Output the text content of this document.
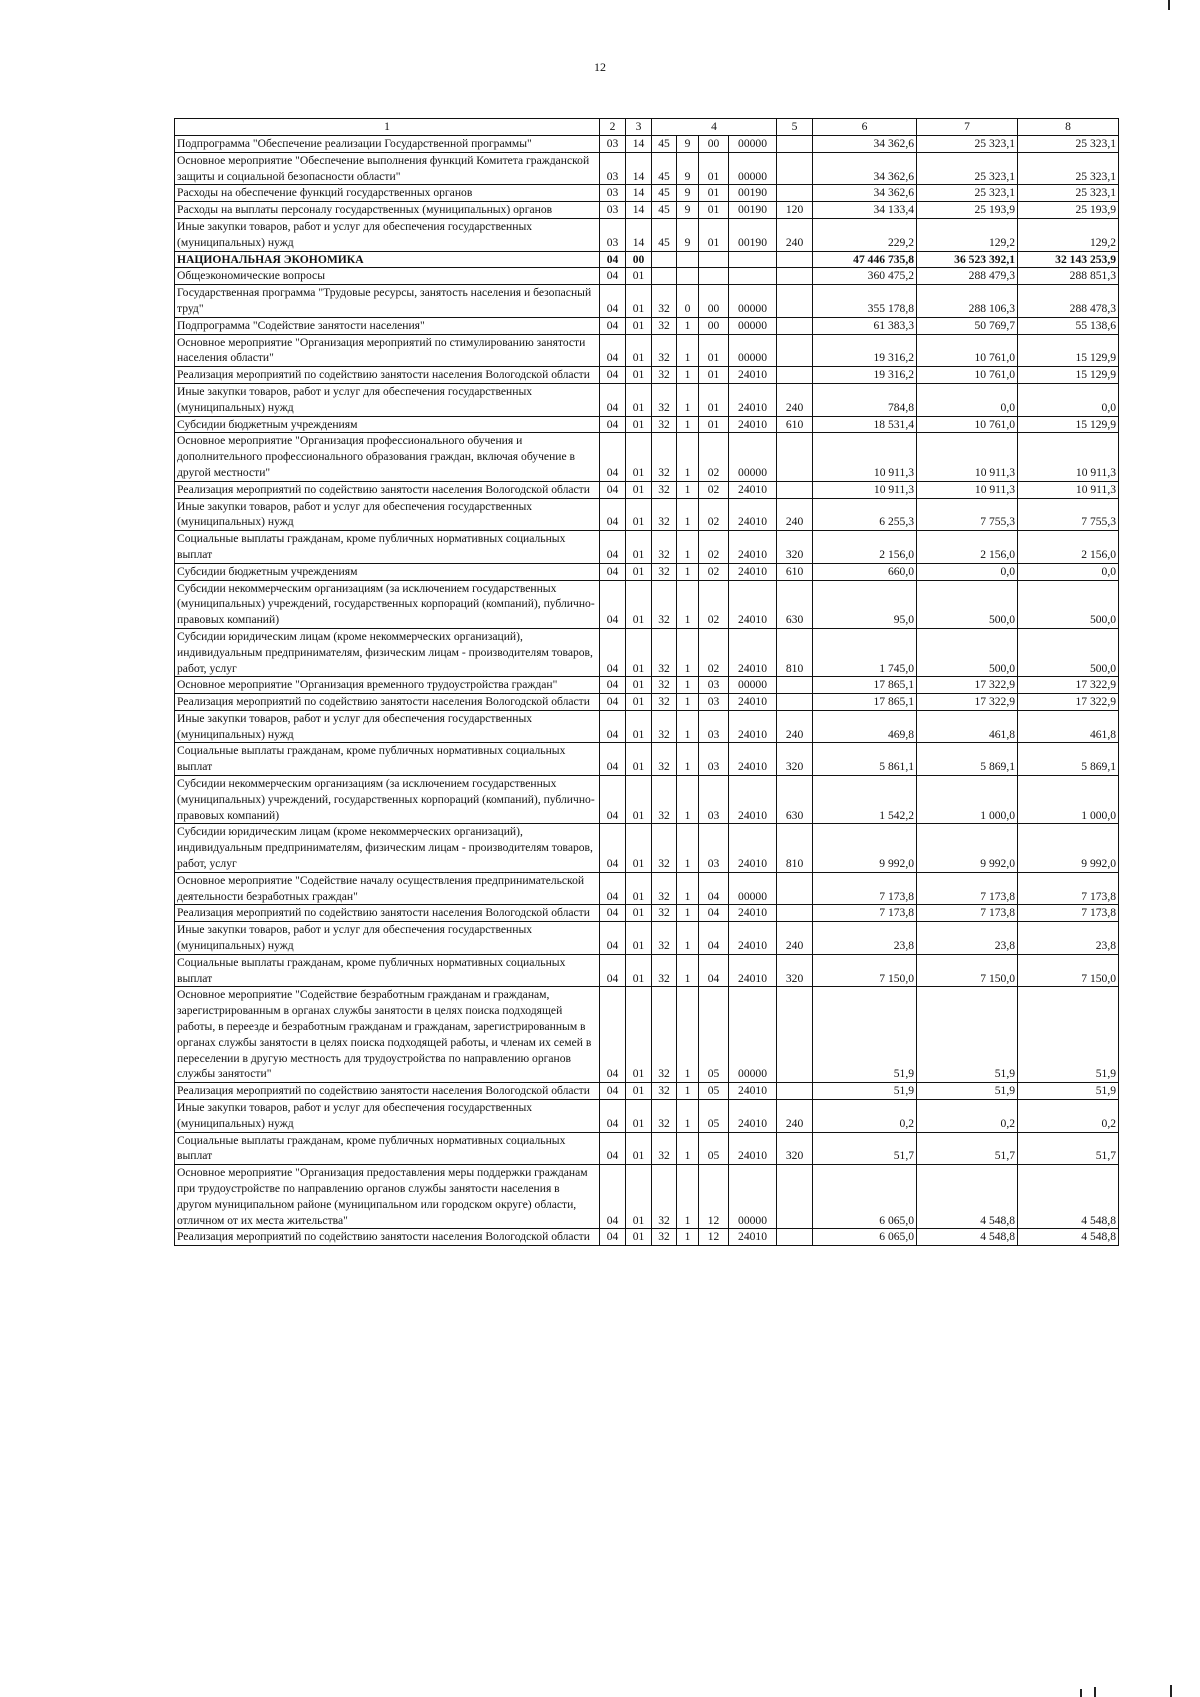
12
1	2	3	4				5	6	7	8
Подпрограмма "Обеспечение реализации Государственной программы"	03	14	45	9	00	00000		34 362,6	25 323,1	25 323,1
Основное мероприятие "Обеспечение выполнения функций Комитета гражданской защиты и социальной безопасности области"	03	14	45	9	01	00000		34 362,6	25 323,1	25 323,1
Расходы на обеспечение функций государственных органов	03	14	45	9	01	00190		34 362,6	25 323,1	25 323,1
Расходы на выплаты персоналу государственных (муниципальных) органов	03	14	45	9	01	00190	120	34 133,4	25 193,9	25 193,9
Иные закупки товаров, работ и услуг для обеспечения государственных (муниципальных) нужд	03	14	45	9	01	00190	240	229,2	129,2	129,2
НАЦИОНАЛЬНАЯ ЭКОНОМИКА	04	00						47 446 735,8	36 523 392,1	32 143 253,9
Общеэкономические вопросы	04	01						360 475,2	288 479,3	288 851,3
Государственная программа "Трудовые ресурсы, занятость населения и безопасный труд"	04	01	32	0	00	00000		355 178,8	288 106,3	288 478,3
Подпрограмма "Содействие занятости населения"	04	01	32	1	00	00000		61 383,3	50 769,7	55 138,6
Основное мероприятие "Организация мероприятий по стимулированию занятости населения области"	04	01	32	1	01	00000		19 316,2	10 761,0	15 129,9
Реализация мероприятий по содействию занятости населения Вологодской области	04	01	32	1	01	24010		19 316,2	10 761,0	15 129,9
Иные закупки товаров, работ и услуг для обеспечения государственных (муниципальных) нужд	04	01	32	1	01	24010	240	784,8	0,0	0,0
Субсидии бюджетным учреждениям	04	01	32	1	01	24010	610	18 531,4	10 761,0	15 129,9
Основное мероприятие "Организация профессионального обучения и дополнительного профессионального образования граждан, включая обучение в другой местности"	04	01	32	1	02	00000		10 911,3	10 911,3	10 911,3
Реализация мероприятий по содействию занятости населения Вологодской области	04	01	32	1	02	24010		10 911,3	10 911,3	10 911,3
Иные закупки товаров, работ и услуг для обеспечения государственных (муниципальных) нужд	04	01	32	1	02	24010	240	6 255,3	7 755,3	7 755,3
Социальные выплаты гражданам, кроме публичных нормативных социальных выплат	04	01	32	1	02	24010	320	2 156,0	2 156,0	2 156,0
Субсидии бюджетным учреждениям	04	01	32	1	02	24010	610	660,0	0,0	0,0
Субсидии некоммерческим организациям (за исключением государственных (муниципальных) учреждений, государственных корпораций (компаний), публично-правовых компаний)	04	01	32	1	02	24010	630	95,0	500,0	500,0
Субсидии юридическим лицам (кроме некоммерческих организаций), индивидуальным предпринимателям, физическим лицам - производителям товаров, работ, услуг	04	01	32	1	02	24010	810	1 745,0	500,0	500,0
Основное мероприятие "Организация временного трудоустройства граждан"	04	01	32	1	03	00000		17 865,1	17 322,9	17 322,9
Реализация мероприятий по содействию занятости населения Вологодской области	04	01	32	1	03	24010		17 865,1	17 322,9	17 322,9
Иные закупки товаров, работ и услуг для обеспечения государственных (муниципальных) нужд	04	01	32	1	03	24010	240	469,8	461,8	461,8
Социальные выплаты гражданам, кроме публичных нормативных социальных выплат	04	01	32	1	03	24010	320	5 861,1	5 869,1	5 869,1
Субсидии некоммерческим организациям (за исключением государственных (муниципальных) учреждений, государственных корпораций (компаний), публично-правовых компаний)	04	01	32	1	03	24010	630	1 542,2	1 000,0	1 000,0
Субсидии юридическим лицам (кроме некоммерческих организаций), индивидуальным предпринимателям, физическим лицам - производителям товаров, работ, услуг	04	01	32	1	03	24010	810	9 992,0	9 992,0	9 992,0
Основное мероприятие "Содействие началу осуществления предпринимательской деятельности безработных граждан"	04	01	32	1	04	00000		7 173,8	7 173,8	7 173,8
Реализация мероприятий по содействию занятости населения Вологодской области	04	01	32	1	04	24010		7 173,8	7 173,8	7 173,8
Иные закупки товаров, работ и услуг для обеспечения государственных (муниципальных) нужд	04	01	32	1	04	24010	240	23,8	23,8	23,8
Социальные выплаты гражданам, кроме публичных нормативных социальных выплат	04	01	32	1	04	24010	320	7 150,0	7 150,0	7 150,0
Основное мероприятие "Содействие безработным гражданам и гражданам, зарегистрированным в органах службы занятости в целях поиска подходящей работы, в переезде и безработным гражданам и гражданам, зарегистрированным в органах службы занятости в целях поиска подходящей работы, и членам их семей в переселении в другую местность для трудоустройства по направлению органов службы занятости"	04	01	32	1	05	00000		51,9	51,9	51,9
Реализация мероприятий по содействию занятости населения Вологодской области	04	01	32	1	05	24010		51,9	51,9	51,9
Иные закупки товаров, работ и услуг для обеспечения государственных (муниципальных) нужд	04	01	32	1	05	24010	240	0,2	0,2	0,2
Социальные выплаты гражданам, кроме публичных нормативных социальных выплат	04	01	32	1	05	24010	320	51,7	51,7	51,7
Основное мероприятие "Организация предоставления меры поддержки гражданам при трудоустройстве по направлению органов службы занятости населения в другом муниципальном районе (муниципальном или городском округе) области, отличном от их места жительства"	04	01	32	1	12	00000		6 065,0	4 548,8	4 548,8
Реализация мероприятий по содействию занятости населения Вологодской области	04	01	32	1	12	24010		6 065,0	4 548,8	4 548,8
